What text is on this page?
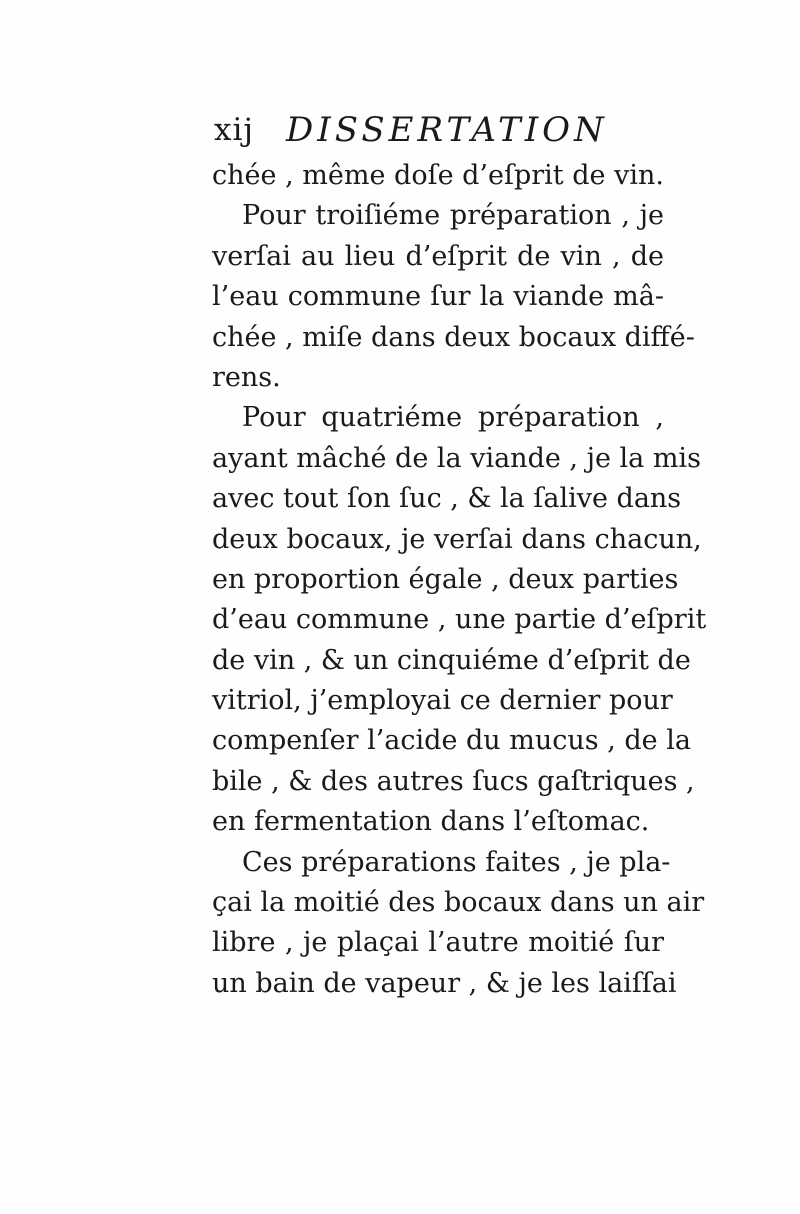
xij DISSERTATION
chée , même doſe d’eſprit de vin.
Pour troiſiéme préparation , je
verſai au lieu d’eſprit de vin , de
l’eau commune ſur la viande mâ-
chée , miſe dans deux bocaux diffé-
rens.
Pour quatriéme préparation ,
ayant mâché de la viande , je la mis
avec tout ſon ſuc , & la ſalive dans
deux bocaux, je verſai dans chacun,
en proportion égale , deux parties
d’eau commune , une partie d’eſprit
de vin , & un cinquiéme d’eſprit de
vitriol, j’employai ce dernier pour
compenſer l’acide du mucus , de la
bile , & des autres ſucs gaſtriques ,
en fermentation dans l’eſtomac.
Ces préparations faites , je pla-
çai la moitié des bocaux dans un air
libre , je plaçai l’autre moitié ſur
un bain de vapeur , & je les laiſſai
